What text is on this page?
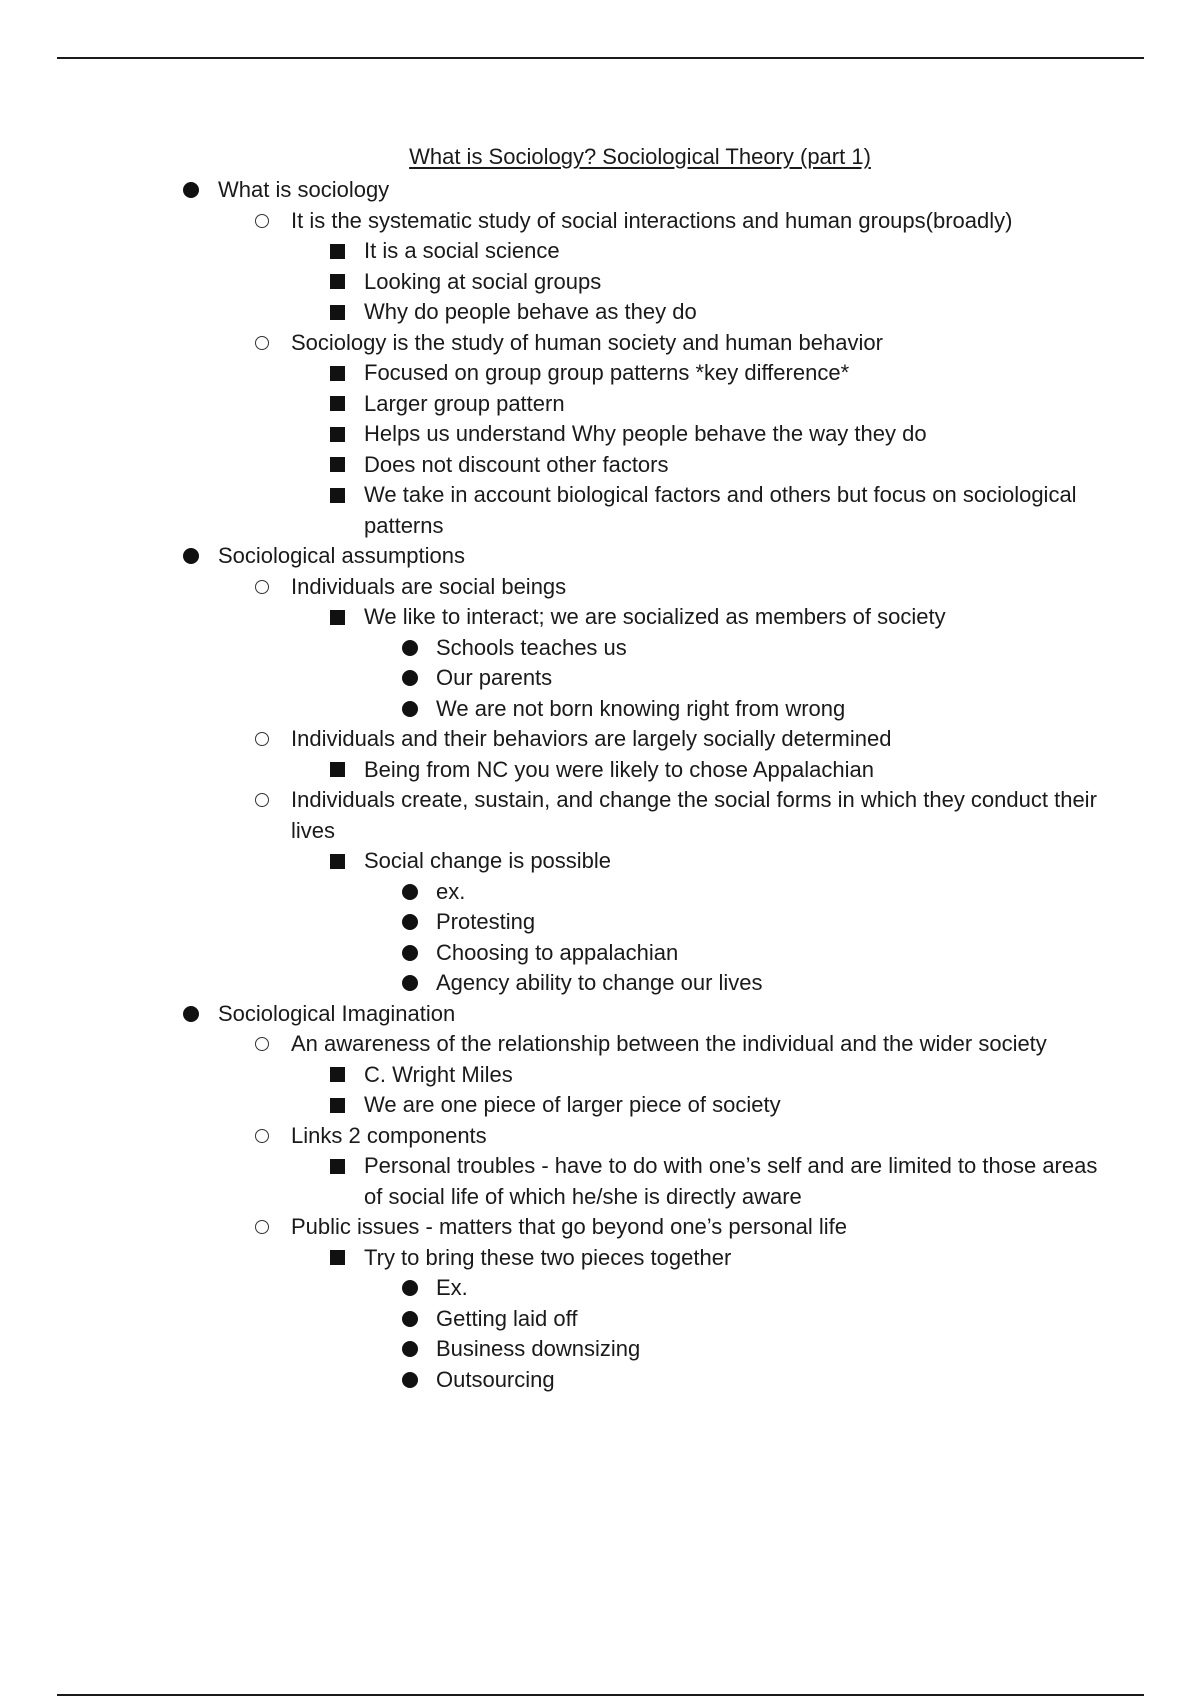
What is Sociology? Sociological Theory (part 1)
What is sociology
It is the systematic study of social interactions and human groups(broadly)
It is a social science
Looking at social groups
Why do people behave as they do
Sociology is the study of human society and human behavior
Focused on group group patterns *key difference*
Larger group pattern
Helps us understand Why people behave the way they do
Does not discount other factors
We take in account biological factors and others but focus on sociological patterns
Sociological assumptions
Individuals are social beings
We like to interact; we are socialized as members of society
Schools teaches us
Our parents
We are not born knowing right from wrong
Individuals and their behaviors are largely socially determined
Being from NC you were likely to chose Appalachian
Individuals create, sustain, and change the social forms in which they conduct their lives
Social change is possible
ex.
Protesting
Choosing to appalachian
Agency ability to change our lives
Sociological Imagination
An awareness of the relationship between the individual and the wider society
C. Wright Miles
We are one piece of larger piece of society
Links 2 components
Personal troubles - have to do with one’s self and are limited to those areas of social life of which he/she is directly aware
Public issues - matters that go beyond one’s personal life
Try to bring these two pieces together
Ex.
Getting laid off
Business downsizing
Outsourcing
